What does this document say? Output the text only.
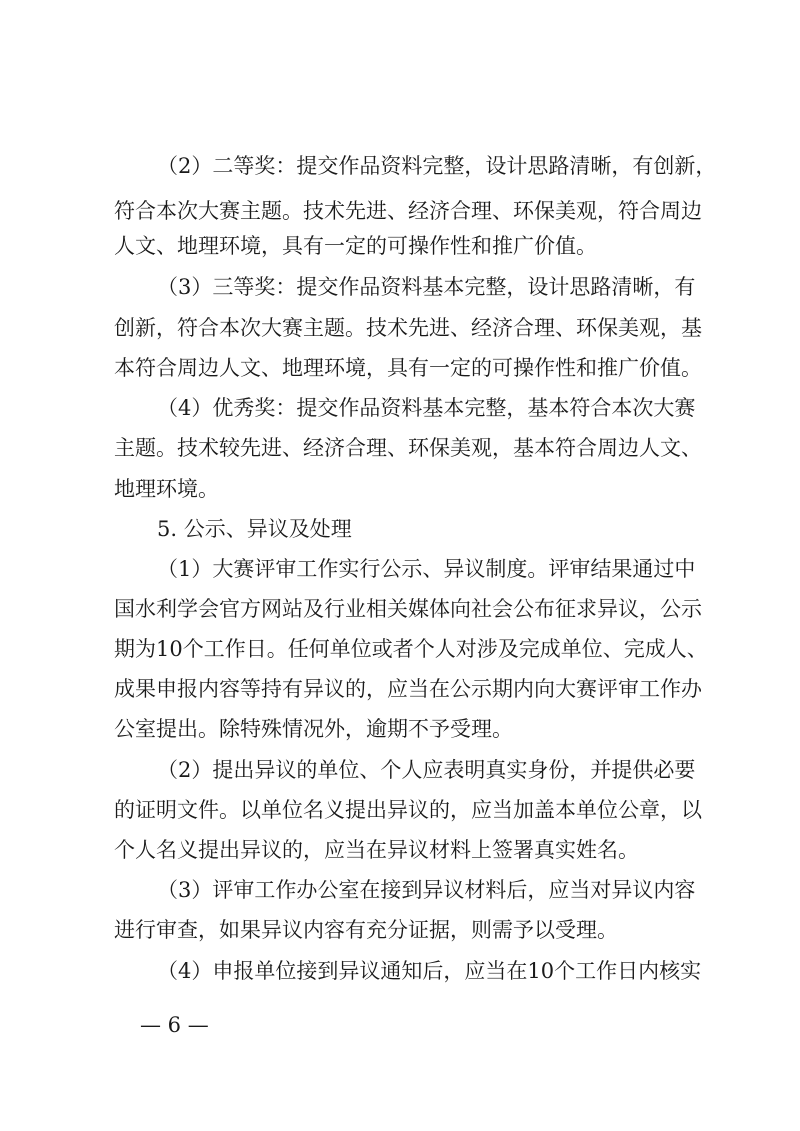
（2）二等奖：提交作品资料完整，设计思路清晰，有创新，
符合本次大赛主题。技术先进、经济合理、环保美观，符合周边
人文、地理环境，具有一定的可操作性和推广价值。
（3）三等奖：提交作品资料基本完整，设计思路清晰，有
创新，符合本次大赛主题。技术先进、经济合理、环保美观，基
本符合周边人文、地理环境，具有一定的可操作性和推广价值。
（4）优秀奖：提交作品资料基本完整，基本符合本次大赛
主题。技术较先进、经济合理、环保美观，基本符合周边人文、
地理环境。
5. 公示、异议及处理
（1）大赛评审工作实行公示、异议制度。评审结果通过中
国水利学会官方网站及行业相关媒体向社会公布征求异议，公示
期为10个工作日。任何单位或者个人对涉及完成单位、完成人、
成果申报内容等持有异议的，应当在公示期内向大赛评审工作办
公室提出。除特殊情况外，逾期不予受理。
（2）提出异议的单位、个人应表明真实身份，并提供必要
的证明文件。以单位名义提出异议的，应当加盖本单位公章，以
个人名义提出异议的，应当在异议材料上签署真实姓名。
（3）评审工作办公室在接到异议材料后，应当对异议内容
进行审查，如果异议内容有充分证据，则需予以受理。
（4）申报单位接到异议通知后，应当在10个工作日内核实
— 6 —
